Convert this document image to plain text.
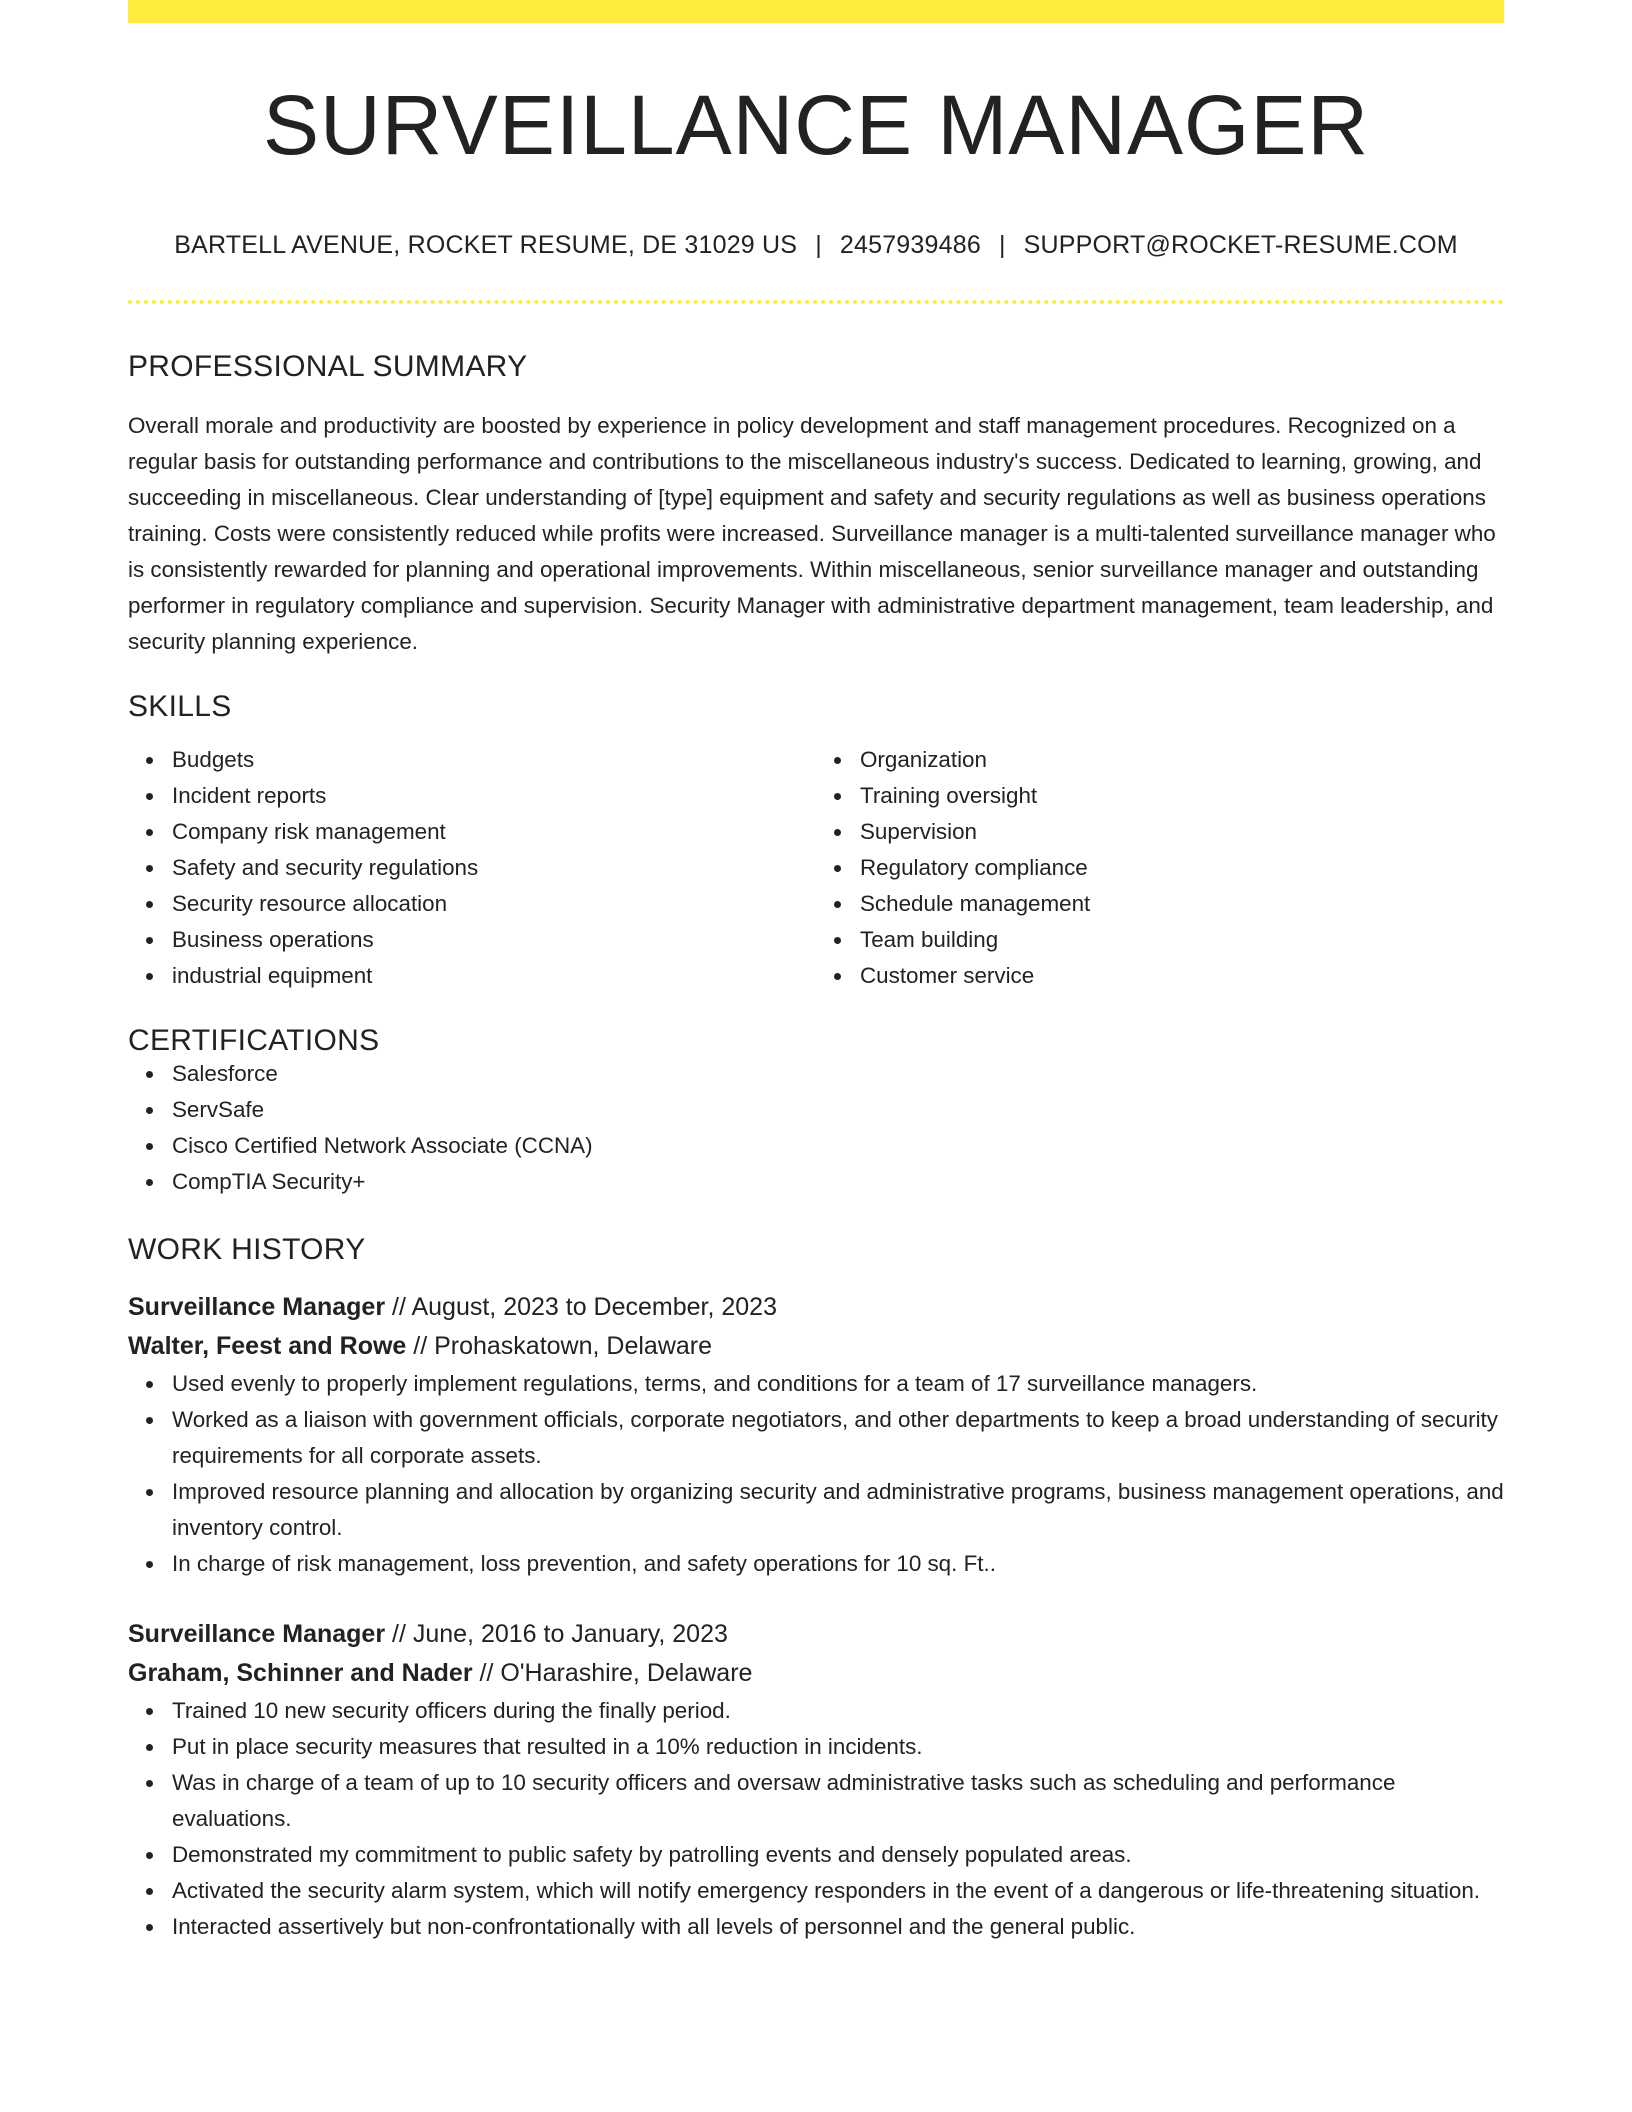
SURVEILLANCE MANAGER
BARTELL AVENUE, ROCKET RESUME, DE 31029 US | 2457939486 | SUPPORT@ROCKET-RESUME.COM
PROFESSIONAL SUMMARY

Overall morale and productivity are boosted by experience in policy development and staff management procedures. Recognized on a regular basis for outstanding performance and contributions to the miscellaneous industry's success. Dedicated to learning, growing, and succeeding in miscellaneous. Clear understanding of [type] equipment and safety and security regulations as well as business operations training. Costs were consistently reduced while profits were increased. Surveillance manager is a multi-talented surveillance manager who is consistently rewarded for planning and operational improvements. Within miscellaneous, senior surveillance manager and outstanding performer in regulatory compliance and supervision. Security Manager with administrative department management, team leadership, and security planning experience.

SKILLS
Budgets
Incident reports
Company risk management
Safety and security regulations
Security resource allocation
Business operations
industrial equipment
Organization
Training oversight
Supervision
Regulatory compliance
Schedule management
Team building
Customer service
CERTIFICATIONS
Salesforce
ServSafe
Cisco Certified Network Associate (CCNA)
CompTIA Security+
WORK HISTORY
Surveillance Manager // August, 2023 to December, 2023
Walter, Feest and Rowe // Prohaskatown, Delaware
Used evenly to properly implement regulations, terms, and conditions for a team of 17 surveillance managers.
Worked as a liaison with government officials, corporate negotiators, and other departments to keep a broad understanding of security requirements for all corporate assets.
Improved resource planning and allocation by organizing security and administrative programs, business management operations, and inventory control.
In charge of risk management, loss prevention, and safety operations for 10 sq. Ft..
Surveillance Manager // June, 2016 to January, 2023
Graham, Schinner and Nader // O'Harashire, Delaware
Trained 10 new security officers during the finally period.
Put in place security measures that resulted in a 10% reduction in incidents.
Was in charge of a team of up to 10 security officers and oversaw administrative tasks such as scheduling and performance evaluations.
Demonstrated my commitment to public safety by patrolling events and densely populated areas.
Activated the security alarm system, which will notify emergency responders in the event of a dangerous or life-threatening situation.
Interacted assertively but non-confrontationally with all levels of personnel and the general public.
